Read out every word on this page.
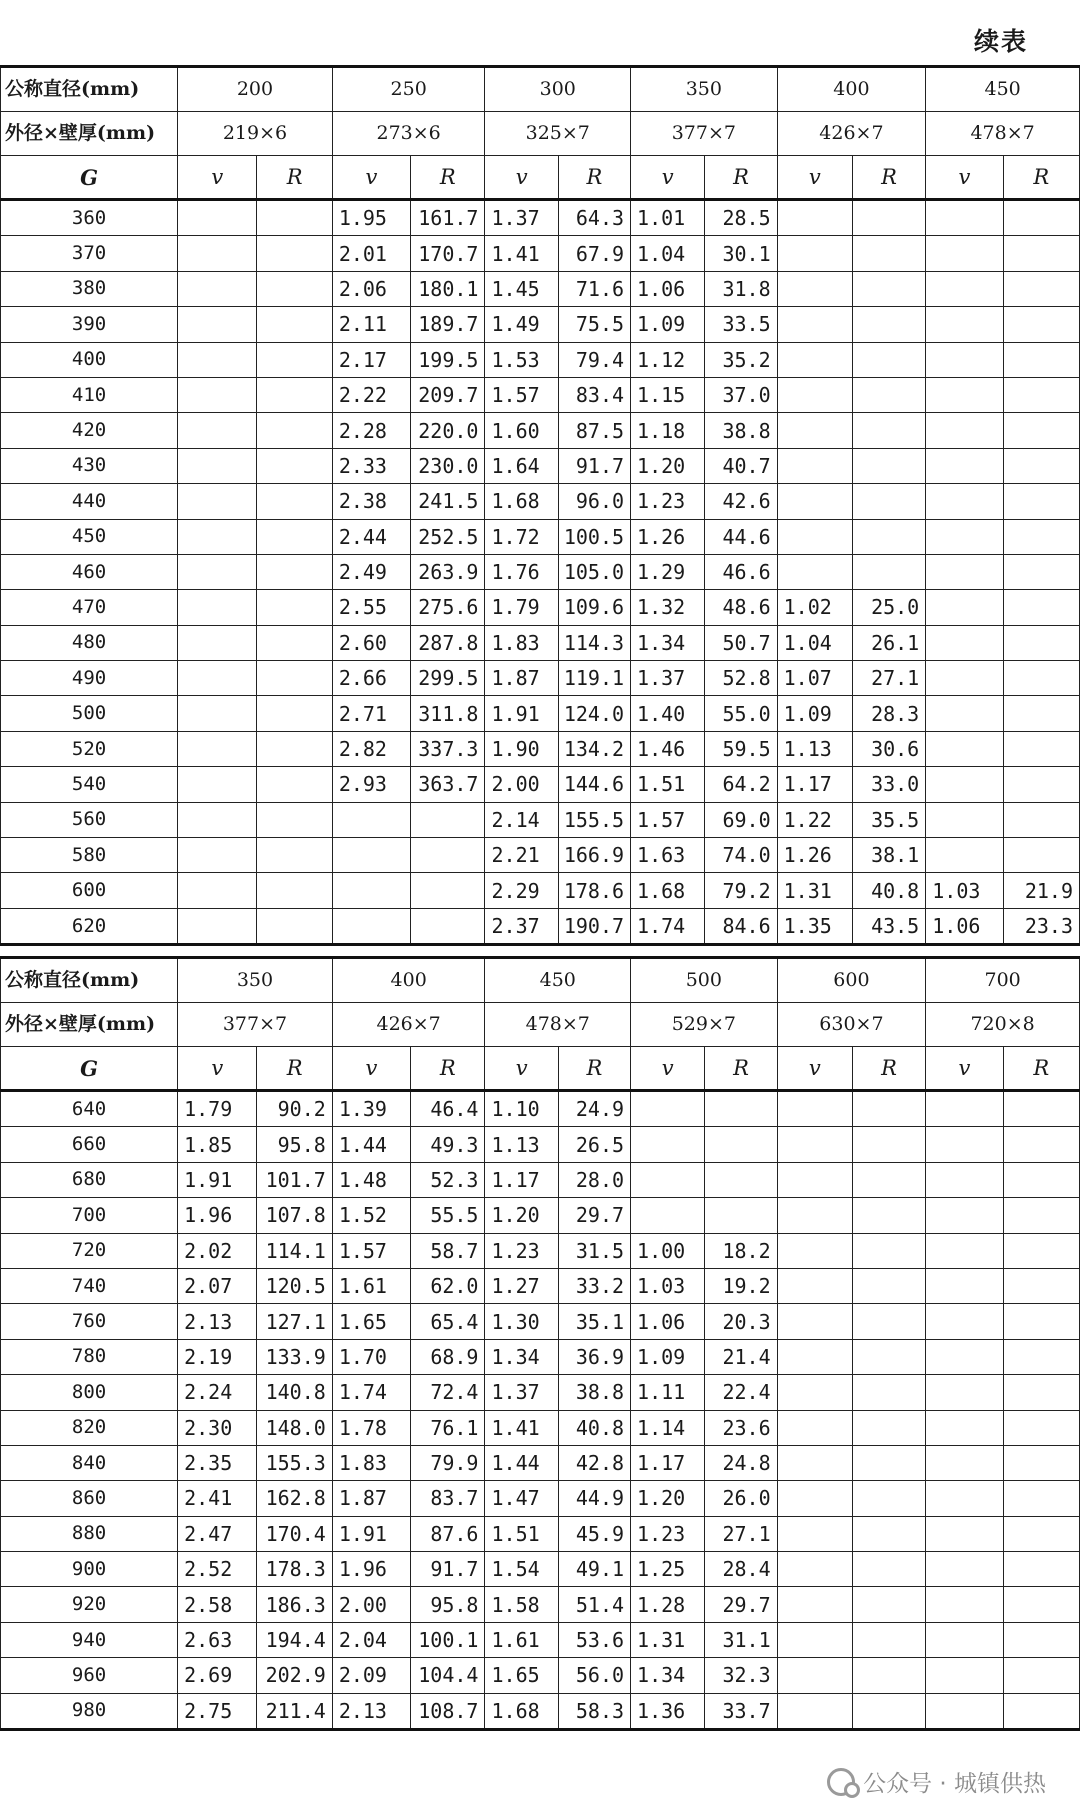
续表
公称直径(mm)	200		250		300		350		400		450	
外径×壁厚(mm)	219×6		273×6		325×7		377×7		426×7		478×7	
G	v	R	v	R	v	R	v	R	v	R	v	R
360			1.95	161.7	1.37	64.3	1.01	28.5				
370			2.01	170.7	1.41	67.9	1.04	30.1				
380			2.06	180.1	1.45	71.6	1.06	31.8				
390			2.11	189.7	1.49	75.5	1.09	33.5				
400			2.17	199.5	1.53	79.4	1.12	35.2				
410			2.22	209.7	1.57	83.4	1.15	37.0				
420			2.28	220.0	1.60	87.5	1.18	38.8				
430			2.33	230.0	1.64	91.7	1.20	40.7				
440			2.38	241.5	1.68	96.0	1.23	42.6				
450			2.44	252.5	1.72	100.5	1.26	44.6				
460			2.49	263.9	1.76	105.0	1.29	46.6				
470			2.55	275.6	1.79	109.6	1.32	48.6	1.02	25.0		
480			2.60	287.8	1.83	114.3	1.34	50.7	1.04	26.1		
490			2.66	299.5	1.87	119.1	1.37	52.8	1.07	27.1		
500			2.71	311.8	1.91	124.0	1.40	55.0	1.09	28.3		
520			2.82	337.3	1.90	134.2	1.46	59.5	1.13	30.6		
540			2.93	363.7	2.00	144.6	1.51	64.2	1.17	33.0		
560					2.14	155.5	1.57	69.0	1.22	35.5		
580					2.21	166.9	1.63	74.0	1.26	38.1		
600					2.29	178.6	1.68	79.2	1.31	40.8	1.03	21.9
620					2.37	190.7	1.74	84.6	1.35	43.5	1.06	23.3
公称直径(mm)	350		400		450		500		600		700	
外径×壁厚(mm)	377×7		426×7		478×7		529×7		630×7		720×8	
G	v	R	v	R	v	R	v	R	v	R	v	R
640	1.79	90.2	1.39	46.4	1.10	24.9						
660	1.85	95.8	1.44	49.3	1.13	26.5						
680	1.91	101.7	1.48	52.3	1.17	28.0						
700	1.96	107.8	1.52	55.5	1.20	29.7						
720	2.02	114.1	1.57	58.7	1.23	31.5	1.00	18.2				
740	2.07	120.5	1.61	62.0	1.27	33.2	1.03	19.2				
760	2.13	127.1	1.65	65.4	1.30	35.1	1.06	20.3				
780	2.19	133.9	1.70	68.9	1.34	36.9	1.09	21.4				
800	2.24	140.8	1.74	72.4	1.37	38.8	1.11	22.4				
820	2.30	148.0	1.78	76.1	1.41	40.8	1.14	23.6				
840	2.35	155.3	1.83	79.9	1.44	42.8	1.17	24.8				
860	2.41	162.8	1.87	83.7	1.47	44.9	1.20	26.0				
880	2.47	170.4	1.91	87.6	1.51	45.9	1.23	27.1				
900	2.52	178.3	1.96	91.7	1.54	49.1	1.25	28.4				
920	2.58	186.3	2.00	95.8	1.58	51.4	1.28	29.7				
940	2.63	194.4	2.04	100.1	1.61	53.6	1.31	31.1				
960	2.69	202.9	2.09	104.4	1.65	56.0	1.34	32.3				
980	2.75	211.4	2.13	108.7	1.68	58.3	1.36	33.7				
公众号 · 城镇供热
